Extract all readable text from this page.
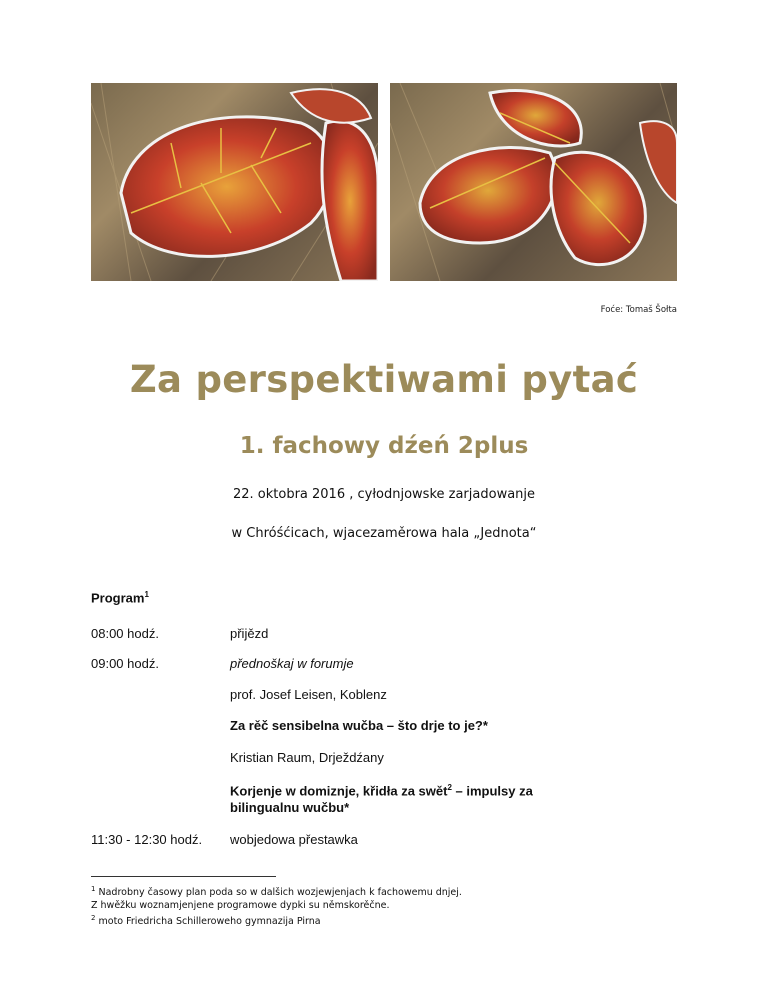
Foće: Tomaš Šołta
Za perspektiwami pytać
1. fachowy dźeń 2plus
22. oktobra 2016 , cyłodnjowske zarjadowanje
w Chróśćicach, wjacezaměrowa hala „Jednota“
Program$^1$
08:00 hodź.	přijězd
09:00 hodź.	přednoškaj w forumje
prof. Josef Leisen, Koblenz
Za rěč sensibelna wučba – što drje to je?*
Kristian Raum, Drježdźany
Korjenje w domiznje, křidła za swět$^2$ – impulsy za
bilingualnu wučbu*
11:30 - 12:30 hodź. wobjedowa přestawka
$^1$ Nadrobny časowy plan poda so w dalšich wozjewjenjach k fachowemu dnjej.
Z hwěžku woznamjenjene programowe dypki su němskorěčne.
$^2$ moto Friedricha Schilleroweho gymnazija Pirna
